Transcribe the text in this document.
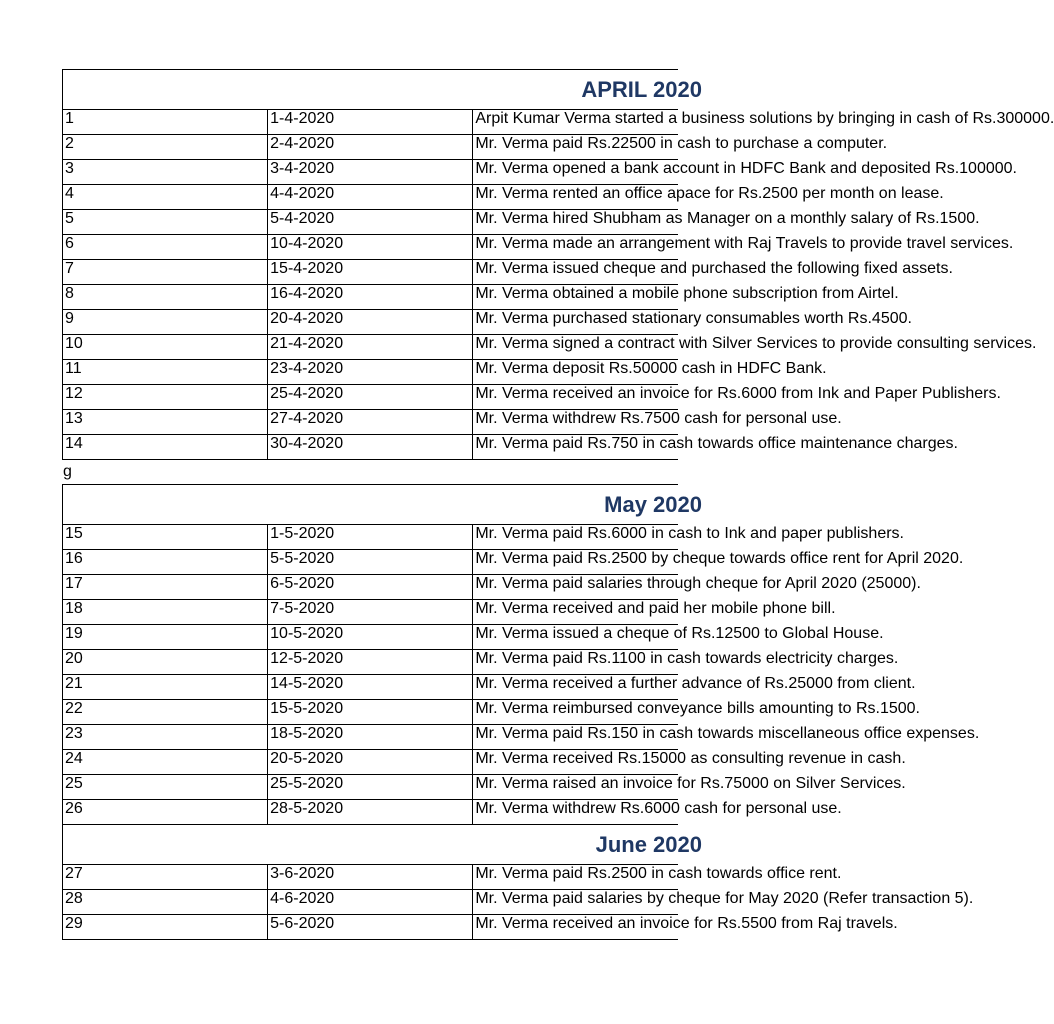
APRIL 2020		

1	1-4-2020	Arpit Kumar Verma started a business solutions by bringing in cash of Rs.300000.

2	2-4-2020	Mr. Verma paid Rs.22500 in cash to purchase a computer.

3	3-4-2020	Mr. Verma opened a bank account in HDFC Bank and deposited Rs.100000.

4	4-4-2020	Mr. Verma rented an office apace for Rs.2500 per month on lease.

5	5-4-2020	Mr. Verma hired Shubham as Manager on a monthly salary of Rs.1500.

6	10-4-2020	Mr. Verma made an arrangement with Raj Travels to provide travel services.

7	15-4-2020	Mr. Verma issued cheque and purchased the following fixed assets.

8	16-4-2020	Mr. Verma obtained a mobile phone subscription from Airtel.

9	20-4-2020	Mr. Verma purchased stationary consumables worth Rs.4500.

10	21-4-2020	Mr. Verma signed a contract with Silver Services to provide consulting services.

11	23-4-2020	Mr. Verma deposit Rs.50000 cash in HDFC Bank.

12	25-4-2020	Mr. Verma received an invoice for Rs.6000 from Ink and Paper Publishers.

13	27-4-2020	Mr. Verma withdrew Rs.7500 cash for personal use.

14	30-4-2020	Mr. Verma paid Rs.750 in cash towards office maintenance charges.
g
May 2020		

15	1-5-2020	Mr. Verma paid Rs.6000 in cash to Ink and paper publishers.

16	5-5-2020	Mr. Verma paid Rs.2500 by cheque towards office rent for April 2020.

17	6-5-2020	Mr. Verma paid salaries through cheque for April 2020 (25000).

18	7-5-2020	Mr. Verma received and paid her mobile phone bill.

19	10-5-2020	Mr. Verma issued a cheque of Rs.12500 to Global House.

20	12-5-2020	Mr. Verma paid Rs.1100 in cash towards electricity charges.

21	14-5-2020	Mr. Verma received a further advance of Rs.25000 from client.

22	15-5-2020	Mr. Verma reimbursed conveyance bills amounting to Rs.1500.

23	18-5-2020	Mr. Verma paid Rs.150 in cash towards miscellaneous office expenses.

24	20-5-2020	Mr. Verma received Rs.15000 as consulting revenue in cash.

25	25-5-2020	Mr. Verma raised an invoice for Rs.75000 on Silver Services.

26	28-5-2020	Mr. Verma withdrew Rs.6000 cash for personal use.

June 2020		

27	3-6-2020	Mr. Verma paid Rs.2500 in cash towards office rent.

28	4-6-2020	Mr. Verma paid salaries by cheque for May 2020 (Refer transaction 5).

29	5-6-2020	Mr. Verma received an invoice for Rs.5500 from Raj travels.
